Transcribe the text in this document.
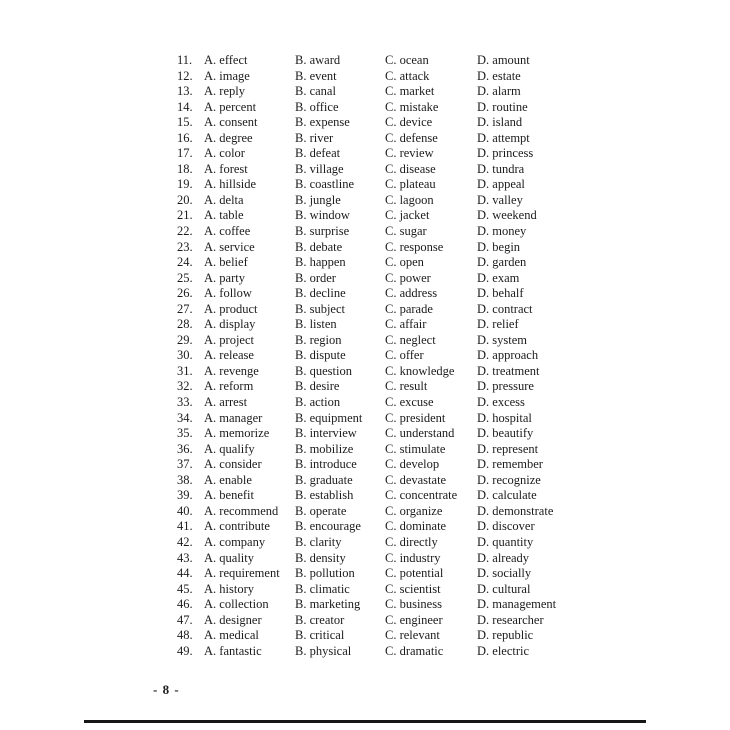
11. A. effect	B. award	C. ocean	D. amount
12. A. image	B. event	C. attack	D. estate
13. A. reply	B. canal	C. market	D. alarm
14. A. percent	B. office	C. mistake	D. routine
15. A. consent	B. expense	C. device	D. island
16. A. degree	B. river	C. defense	D. attempt
17. A. color	B. defeat	C. review	D. princess
18. A. forest	B. village	C. disease	D. tundra
19. A. hillside	B. coastline	C. plateau	D. appeal
20. A. delta	B. jungle	C. lagoon	D. valley
21. A. table	B. window	C. jacket	D. weekend
22. A. coffee	B. surprise	C. sugar	D. money
23. A. service	B. debate	C. response	D. begin
24. A. belief	B. happen	C. open	D. garden
25. A. party	B. order	C. power	D. exam
26. A. follow	B. decline	C. address	D. behalf
27. A. product	B. subject	C. parade	D. contract
28. A. display	B. listen	C. affair	D. relief
29. A. project	B. region	C. neglect	D. system
30. A. release	B. dispute	C. offer	D. approach
31. A. revenge	B. question	C. knowledge	D. treatment
32. A. reform	B. desire	C. result	D. pressure
33. A. arrest	B. action	C. excuse	D. excess
34. A. manager	B. equipment	C. president	D. hospital
35. A. memorize	B. interview	C. understand	D. beautify
36. A. qualify	B. mobilize	C. stimulate	D. represent
37. A. consider	B. introduce	C. develop	D. remember
38. A. enable	B. graduate	C. devastate	D. recognize
39. A. benefit	B. establish	C. concentrate	D. calculate
40. A. recommend	B. operate	C. organize	D. demonstrate
41. A. contribute	B. encourage	C. dominate	D. discover
42. A. company	B. clarity	C. directly	D. quantity
43. A. quality	B. density	C. industry	D. already
44. A. requirement	B. pollution	C. potential	D. socially
45. A. history	B. climatic	C. scientist	D. cultural
46. A. collection	B. marketing	C. business	D. management
47. A. designer	B. creator	C. engineer	D. researcher
48. A. medical	B. critical	C. relevant	D. republic
49. A. fantastic	B. physical	C. dramatic	D. electric
- 8 -
